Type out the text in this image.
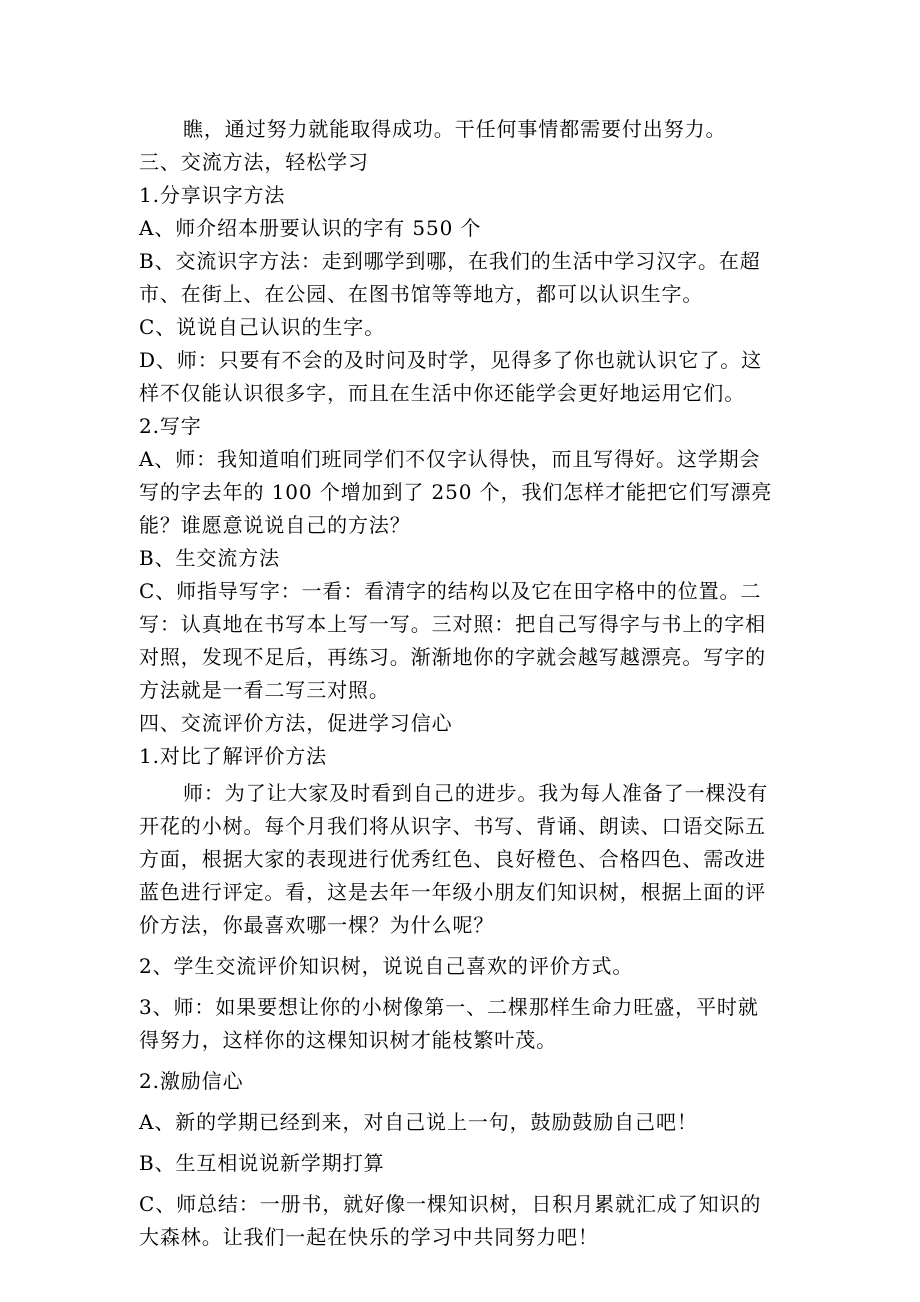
瞧，通过努力就能取得成功。干任何事情都需要付出努力。
三、交流方法，轻松学习
1.分享识字方法
A、师介绍本册要认识的字有 550 个
B、交流识字方法：走到哪学到哪，在我们的生活中学习汉字。在超
市、在街上、在公园、在图书馆等等地方，都可以认识生字。
C、说说自己认识的生字。
D、师：只要有不会的及时问及时学，见得多了你也就认识它了。这
样不仅能认识很多字，而且在生活中你还能学会更好地运用它们。
2.写字
A、师：我知道咱们班同学们不仅字认得快，而且写得好。这学期会
写的字去年的 100 个增加到了 250 个，我们怎样才能把它们写漂亮
能？谁愿意说说自己的方法？
B、生交流方法
C、师指导写字：一看：看清字的结构以及它在田字格中的位置。二
写：认真地在书写本上写一写。三对照：把自己写得字与书上的字相
对照，发现不足后，再练习。渐渐地你的字就会越写越漂亮。写字的
方法就是一看二写三对照。
四、交流评价方法，促进学习信心
1.对比了解评价方法
师：为了让大家及时看到自己的进步。我为每人准备了一棵没有
开花的小树。每个月我们将从识字、书写、背诵、朗读、口语交际五
方面，根据大家的表现进行优秀红色、良好橙色、合格四色、需改进
蓝色进行评定。看，这是去年一年级小朋友们知识树，根据上面的评
价方法，你最喜欢哪一棵？为什么呢？
2、学生交流评价知识树，说说自己喜欢的评价方式。
3、师：如果要想让你的小树像第一、二棵那样生命力旺盛，平时就
得努力，这样你的这棵知识树才能枝繁叶茂。
2.激励信心
A、新的学期已经到来，对自己说上一句，鼓励鼓励自己吧！
B、生互相说说新学期打算
C、师总结：一册书，就好像一棵知识树，日积月累就汇成了知识的
大森林。让我们一起在快乐的学习中共同努力吧！
